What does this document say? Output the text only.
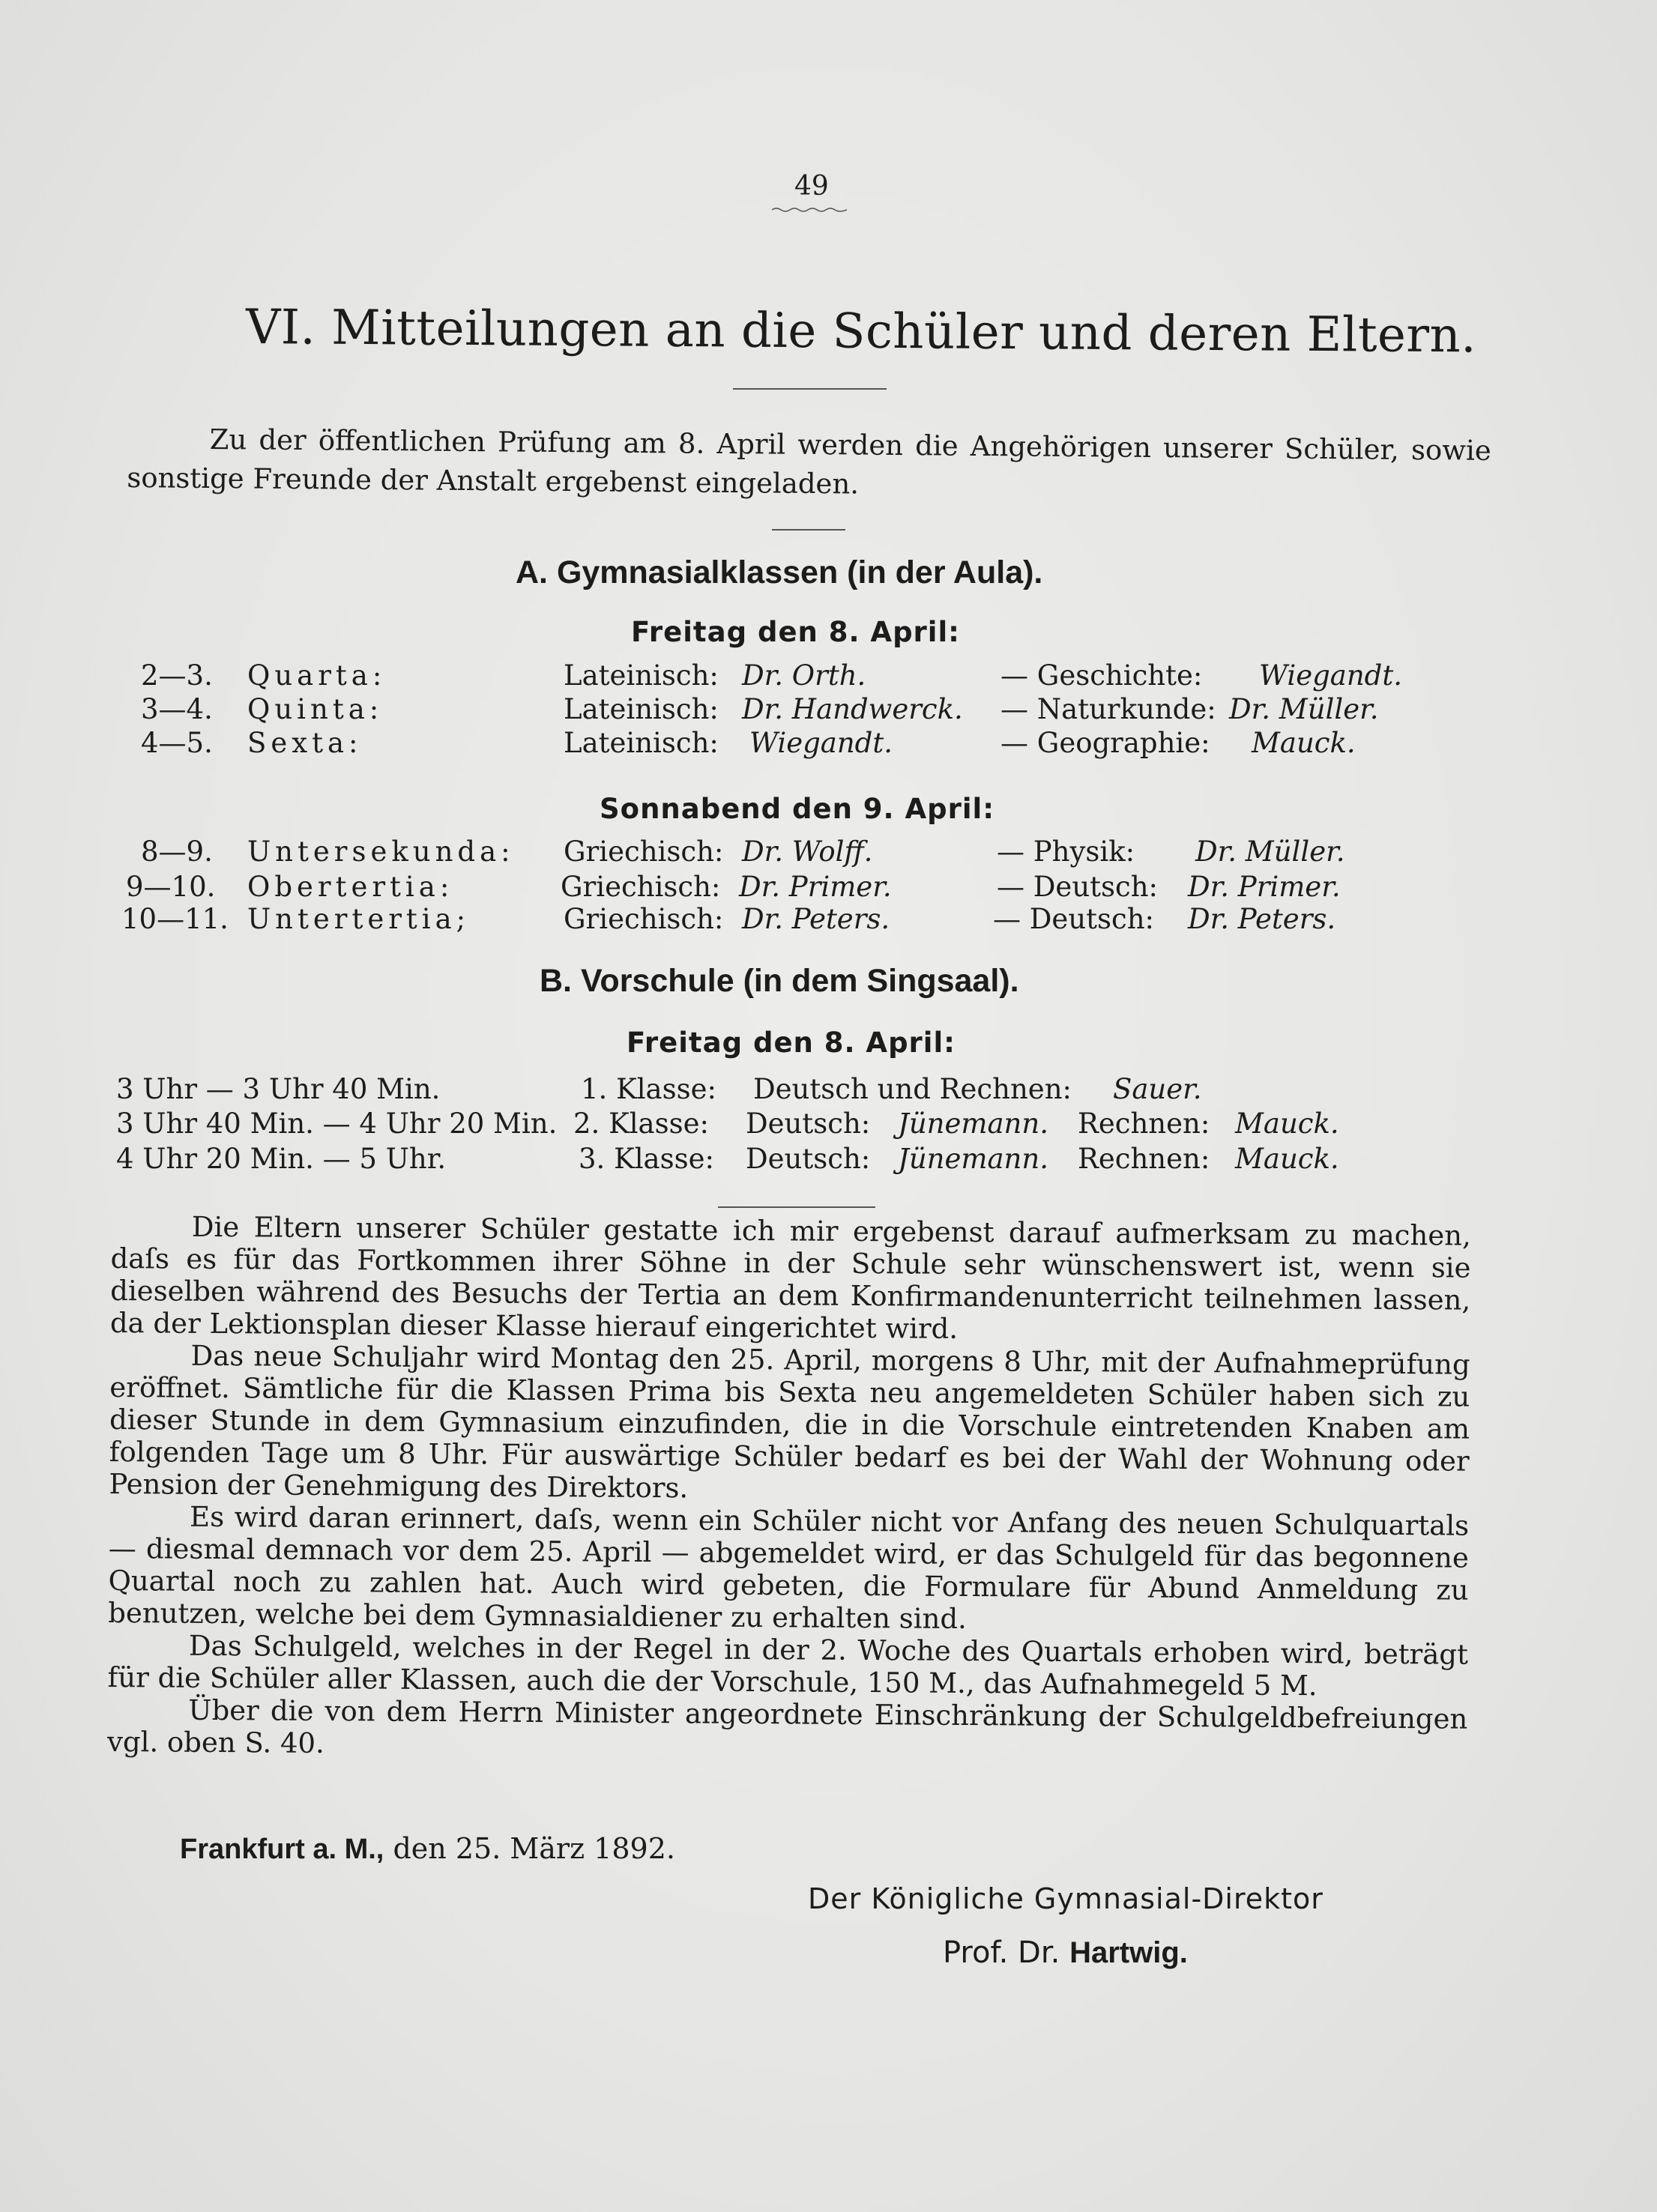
49
VI. Mitteilungen an die Schüler und deren Eltern.

Zu der öffentlichen Prüfung am 8. April werden die Angehörigen unserer Schüler, sowie sonstige Freunde der Anstalt ergebenst eingeladen.

A. Gymnasialklassen (in der Aula).
Freitag den 8. April:
2—3. Quarta:	Lateinisch: Dr. Orth.	— Geschichte: Wiegandt.
3—4. Quinta:	Lateinisch: Dr. Handwerck. — Naturkunde: Dr. Müller.
4—5. Sexta:	Lateinisch: Wiegandt.	— Geographie: Mauck.
Sonnabend den 9. April:
8—9. Untersekunda: Griechisch: Dr. Wolff.	— Physik: Dr. Müller.
9—10. Obertertia:	Griechisch: Dr. Primer.	— Deutsch: Dr. Primer.
10—11. Untertertia;	Griechisch: Dr. Peters.	— Deutsch: Dr. Peters.
B. Vorschule (in dem Singsaal).
Freitag den 8. April:
3 Uhr — 3 Uhr 40 Min.	1. Klasse: Deutsch und Rechnen: Sauer.
3 Uhr 40 Min. — 4 Uhr 20 Min. 2. Klasse: Deutsch: Jünemann. Rechnen: Mauck.
4 Uhr 20 Min. — 5 Uhr.	3. Klasse: Deutsch: Jünemann. Rechnen: Mauck.

Die Eltern unserer Schüler gestatte ich mir ergebenst darauf aufmerksam zu machen, daſs es für das Fortkommen ihrer Söhne in der Schule sehr wünschenswert ist, wenn sie dieselben während des Besuchs der Tertia an dem Konfirmandenunterricht teilnehmen lassen, da der Lektionsplan dieser Klasse hierauf eingerichtet wird.

Das neue Schuljahr wird Montag den 25. April, morgens 8 Uhr, mit der Aufnahmeprüfung eröffnet. Sämtliche für die Klassen Prima bis Sexta neu angemeldeten Schüler haben sich zu dieser Stunde in dem Gymnasium einzufinden, die in die Vorschule eintretenden Knaben am folgenden Tage um 8 Uhr. Für auswärtige Schüler bedarf es bei der Wahl der Wohnung oder Pension der Genehmigung des Direktors.

Es wird daran erinnert, daſs, wenn ein Schüler nicht vor Anfang des neuen Schulquartals — diesmal demnach vor dem 25. April — abgemeldet wird, er das Schulgeld für das begonnene Quartal noch zu zahlen hat. Auch wird gebeten, die Formulare für Abund Anmeldung zu benutzen, welche bei dem Gymnasialdiener zu erhalten sind.

Das Schulgeld, welches in der Regel in der 2. Woche des Quartals erhoben wird, beträgt für die Schüler aller Klassen, auch die der Vorschule, 150 M., das Aufnahmegeld 5 M.

Über die von dem Herrn Minister angeordnete Einschränkung der Schulgeldbefreiungen vgl. oben S. 40.

Frankfurt a. M., den 25. März 1892.
Der Königliche Gymnasial-Direktor
Prof. Dr. Hartwig.
